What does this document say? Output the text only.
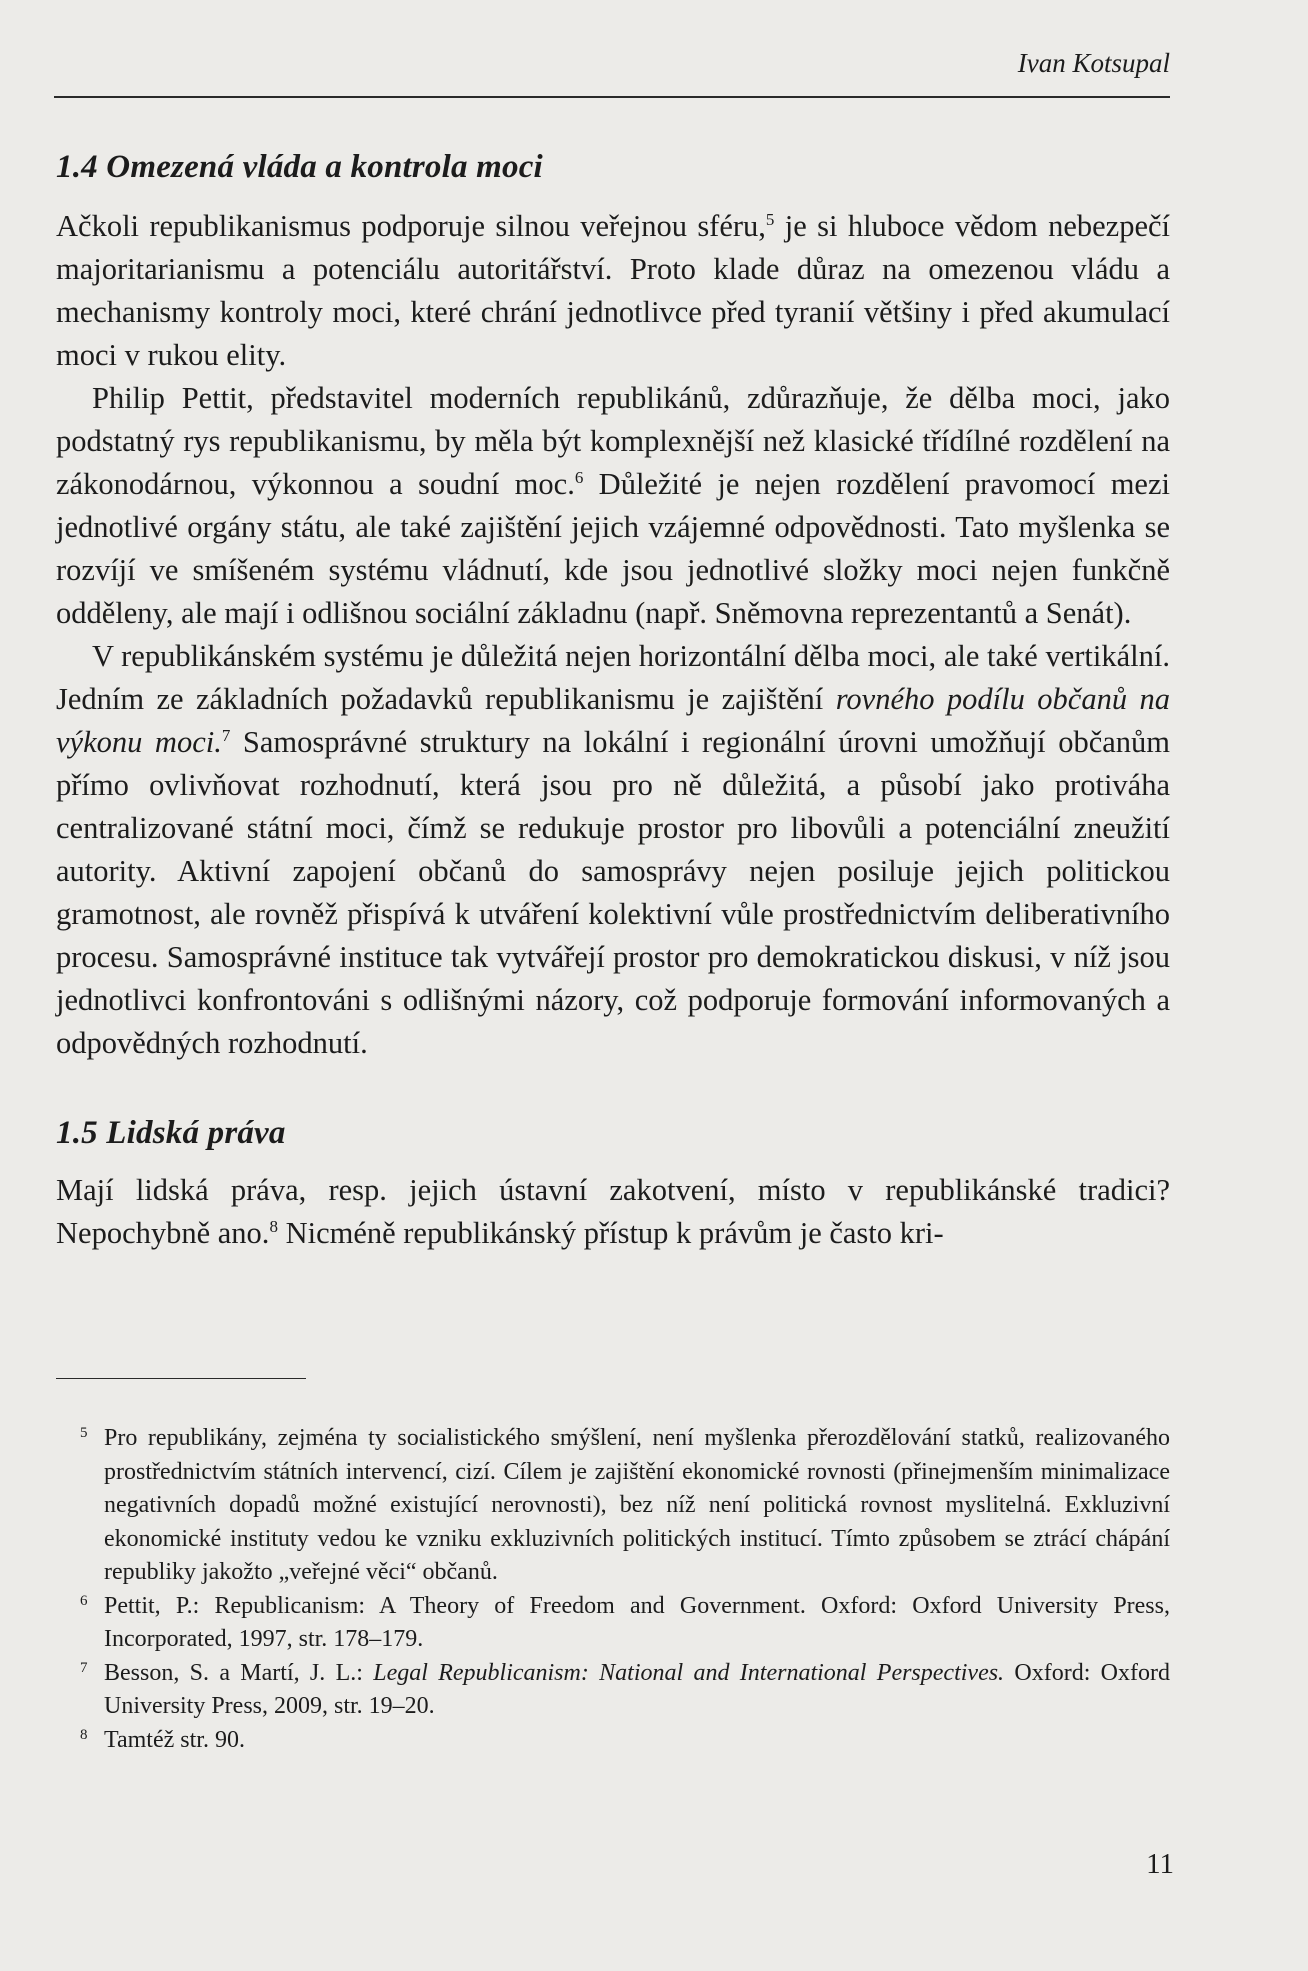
Ivan Kotsupal
1.4 Omezená vláda a kontrola moci

Ačkoli republikanismus podporuje silnou veřejnou sféru,$^5$ je si hluboce vědom nebezpečí majoritarianismu a potenciálu autoritářství. Proto klade důraz na omezenou vládu a mechanismy kontroly moci, které chrání jednotlivce před tyranií většiny i před akumulací moci v rukou elity.

Philip Pettit, představitel moderních republikánů, zdůrazňuje, že dělba moci, jako podstatný rys republikanismu, by měla být komplexnější než klasické třídílné rozdělení na zákonodárnou, výkonnou a soudní moc.$^6$ Důležité je nejen rozdělení pravomocí mezi jednotlivé orgány státu, ale také zajištění jejich vzájemné odpovědnosti. Tato myšlenka se rozvíjí ve smíšeném systému vládnutí, kde jsou jednotlivé složky moci nejen funkčně odděleny, ale mají i odlišnou sociální základnu (např. Sněmovna reprezentantů a Senát).

V republikánském systému je důležitá nejen horizontální dělba moci, ale také vertikální. Jedním ze základních požadavků republikanismu je zajištění rovného podílu občanů na výkonu moci.$^7$ Samosprávné struktury na lokální i regionální úrovni umožňují občanům přímo ovlivňovat rozhodnutí, která jsou pro ně důležitá, a působí jako protiváha centralizované státní moci, čímž se redukuje prostor pro libovůli a potenciální zneužití autority. Aktivní zapojení občanů do samosprávy nejen posiluje jejich politickou gramotnost, ale rovněž přispívá k utváření kolektivní vůle prostřednictvím deliberativního procesu. Samosprávné instituce tak vytvářejí prostor pro demokratickou diskusi, v níž jsou jednotlivci konfrontováni s odlišnými názory, což podporuje formování informovaných a odpovědných rozhodnutí.

1.5 Lidská práva

Mají lidská práva, resp. jejich ústavní zakotvení, místo v republikánské tradici? Nepochybně ano.$^8$ Nicméně republikánský přístup k právům je často kri-

5 Pro republikány, zejména ty socialistického smýšlení, není myšlenka přerozdělování statků, realizovaného prostřednictvím státních intervencí, cizí. Cílem je zajištění ekonomické rovnosti (přinejmenším minimalizace negativních dopadů možné existující nerovnosti), bez níž není politická rovnost myslitelná. Exkluzivní ekonomické instituty vedou ke vzniku exkluzivních politických institucí. Tímto způsobem se ztrácí chápání republiky jakožto „veřejné věci“ občanů.
6 Pettit, P.: Republicanism: A Theory of Freedom and Government. Oxford: Oxford University Press, Incorporated, 1997, str. 178–179.
7 Besson, S. a Martí, J. L.: Legal Republicanism: National and International Perspectives. Oxford: Oxford University Press, 2009, str. 19–20.
8 Tamtéž str. 90.
11
